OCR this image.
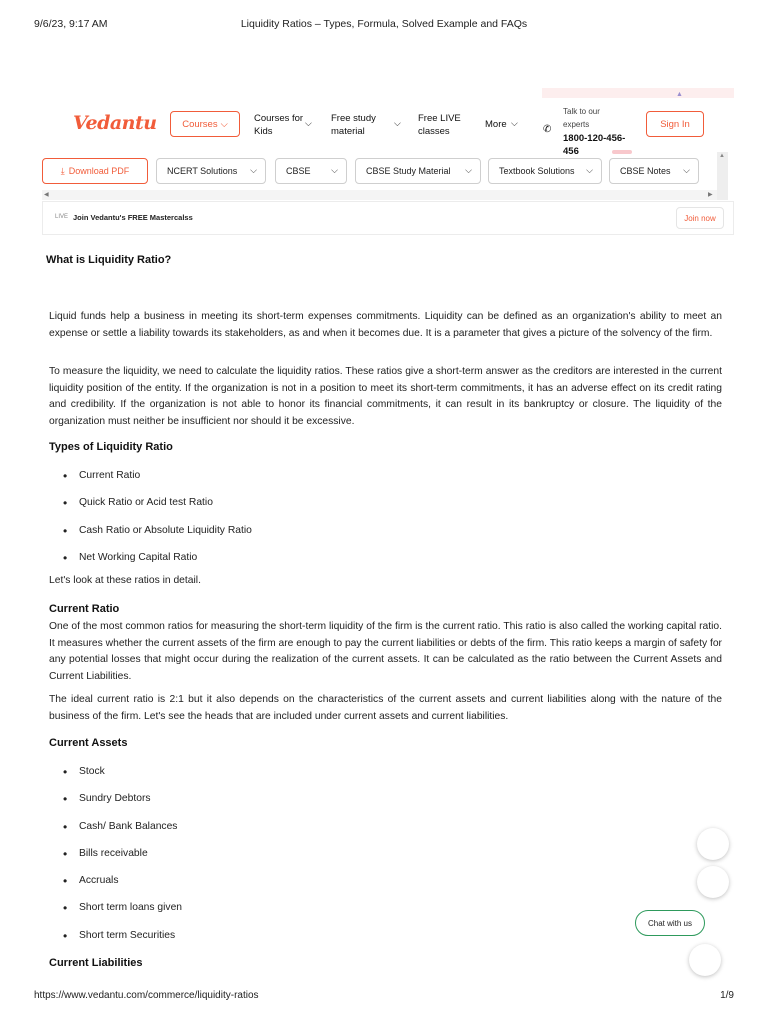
9/6/23, 9:17 AM	Liquidity Ratios – Types, Formula, Solved Example and FAQs
▲
Vedantu	Courses ⌵	Courses for
Kids
⌵ Free study
material
⌵ Free LIVE
classes
More ⌵
Talk to our
experts
✆
1800-120-456-
456
Sign In
⤓ Download PDF	NCERT Solutions ⌵	CBSE ⌵	CBSE Study Material ⌵	Textbook Solutions ⌵	CBSE Notes ⌵
▲
◀	▶
LIVE Join Vedantu's FREE Mastercalss	Join now
What is Liquidity Ratio?

Liquid funds help a business in meeting its short-term expenses commitments. Liquidity can be defined as an organization's ability to meet an expense or settle a liability towards its stakeholders, as and when it becomes due. It is a parameter that gives a picture of the solvency of the firm.

To measure the liquidity, we need to calculate the liquidity ratios. These ratios give a short-term answer as the creditors are interested in the current liquidity position of the entity. If the organization is not in a position to meet its short-term commitments, it has an adverse effect on its credit rating and credibility. If the organization is not able to honor its financial commitments, it can result in its bankruptcy or closure. The liquidity of the organization must neither be insufficient nor should it be excessive.

Types of Liquidity Ratio
• Current Ratio
• Quick Ratio or Acid test Ratio
• Cash Ratio or Absolute Liquidity Ratio
• Net Working Capital Ratio

Let's look at these ratios in detail.

Current Ratio

One of the most common ratios for measuring the short-term liquidity of the firm is the current ratio. This ratio is also called the working capital ratio. It measures whether the current assets of the firm are enough to pay the current liabilities or debts of the firm. This ratio keeps a margin of safety for any potential losses that might occur during the realization of the current assets. It can be calculated as the ratio between the Current Assets and Current Liabilities.

The ideal current ratio is 2:1 but it also depends on the characteristics of the current assets and current liabilities along with the nature of the business of the firm. Let's see the heads that are included under current assets and current liabilities.

Current Assets
• Stock
• Sundry Debtors
• Cash/ Bank Balances
• Bills receivable
• Accruals
• Short term loans given
• Short term Securities
Current Liabilities
Chat with us
https://www.vedantu.com/commerce/liquidity-ratios	1/9
